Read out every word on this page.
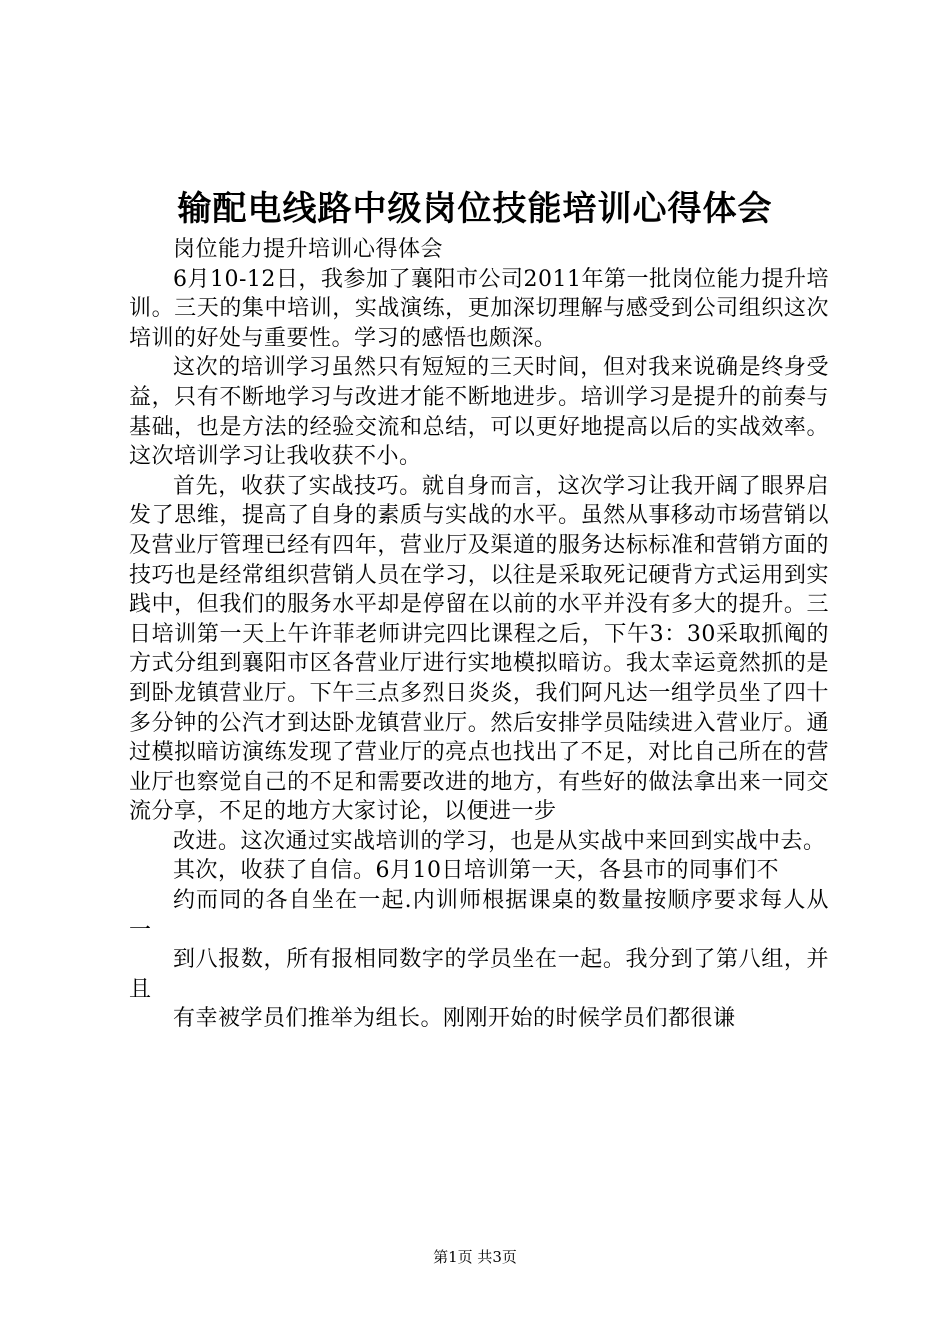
输配电线路中级岗位技能培训心得体会

岗位能力提升培训心得体会

6月10-12日，我参加了襄阳市公司2011年第一批岗位能力提升培训。三天的集中培训，实战演练，更加深切理解与感受到公司组织这次培训的好处与重要性。学习的感悟也颇深。

这次的培训学习虽然只有短短的三天时间，但对我来说确是终身受益，只有不断地学习与改进才能不断地进步。培训学习是提升的前奏与基础，也是方法的经验交流和总结，可以更好地提高以后的实战效率。这次培训学习让我收获不小。

首先，收获了实战技巧。就自身而言，这次学习让我开阔了眼界启发了思维，提高了自身的素质与实战的水平。虽然从事移动市场营销以及营业厅管理已经有四年，营业厅及渠道的服务达标标准和营销方面的技巧也是经常组织营销人员在学习，以往是采取死记硬背方式运用到实践中，但我们的服务水平却是停留在以前的水平并没有多大的提升。三日培训第一天上午许菲老师讲完四比课程之后，下午3：30采取抓阄的方式分组到襄阳市区各营业厅进行实地模拟暗访。我太幸运竟然抓的是到卧龙镇营业厅。下午三点多烈日炎炎，我们阿凡达一组学员坐了四十多分钟的公汽才到达卧龙镇营业厅。然后安排学员陆续进入营业厅。通过模拟暗访演练发现了营业厅的亮点也找出了不足，对比自己所在的营业厅也察觉自己的不足和需要改进的地方，有些好的做法拿出来一同交流分享，不足的地方大家讨论，以便进一步

改进。这次通过实战培训的学习，也是从实战中来回到实战中去。

其次，收获了自信。6月10日培训第一天，各县市的同事们不

约而同的各自坐在一起.内训师根据课桌的数量按顺序要求每人从一

到八报数，所有报相同数字的学员坐在一起。我分到了第八组，并且

有幸被学员们推举为组长。刚刚开始的时候学员们都很谦

第1页 共3页
